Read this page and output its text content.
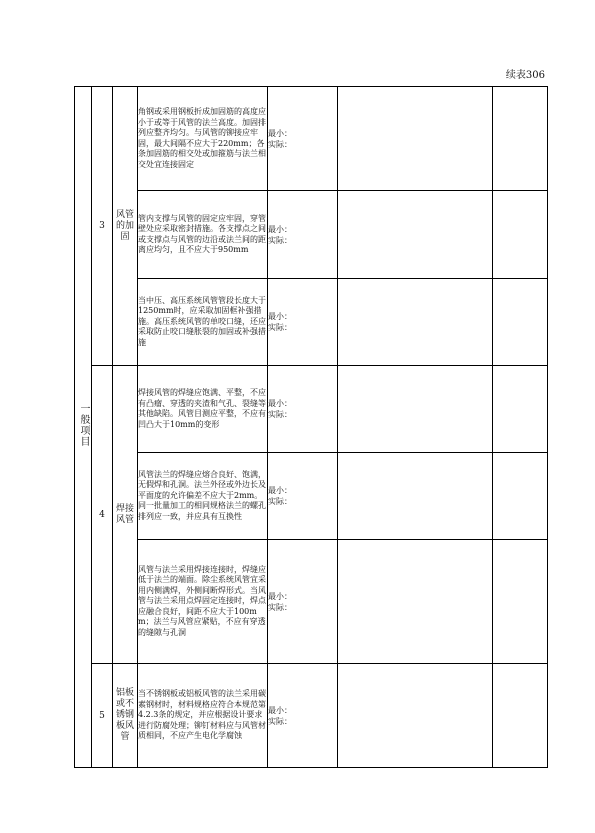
续表306
一般项目	3	风管的加固	角钢或采用钢板折成加固筋的高度应小于或等于风管的法兰高度。加固排列应整齐均匀。与风管的铆接应牢固，最大间隔不应大于220mm；各条加固筋的相交处或加箍筋与法兰相交处宜连接固定	最小：
实际：		

			管内支撑与风管的固定应牢固，穿管壁处应采取密封措施。各支撑点之间或支撑点与风管的边沿或法兰间的距离应均匀，且不应大于950mm	最小：
实际：		

			当中压、高压系统风管管段长度大于1250mm时，应采取加固框补强措施。高压系统风管的单咬口缝，还应采取防止咬口缝胀裂的加固或补强措施	最小：
实际：		

	4	焊接风管	焊接风管的焊缝应饱满、平整，不应有凸瘤、穿透的夹渣和气孔、裂缝等其他缺陷。风管目测应平整，不应有凹凸大于10mm的变形	最小：
实际：		

			风管法兰的焊缝应熔合良好、饱满，无假焊和孔洞。法兰外径或外边长及平面度的允许偏差不应大于2mm。同一批量加工的相同规格法兰的螺孔排列应一致，并应具有互换性	最小：
实际：		

			风管与法兰采用焊接连接时，焊缝应低于法兰的端面。除尘系统风管宜采用内侧满焊，外侧间断焊形式。当风管与法兰采用点焊固定连接时，焊点应融合良好，间距不应大于100mm；法兰与风管应紧贴，不应有穿透的缝隙与孔洞	最小：
实际：		

	5	铝板或不锈钢板风管	当不锈钢板或铝板风管的法兰采用碳素钢材时，材料规格应符合本规范第4.2.3条的规定，并应根据设计要求进行防腐处理；铆钉材料应与风管材质相同，不应产生电化学腐蚀	最小：
实际：		
